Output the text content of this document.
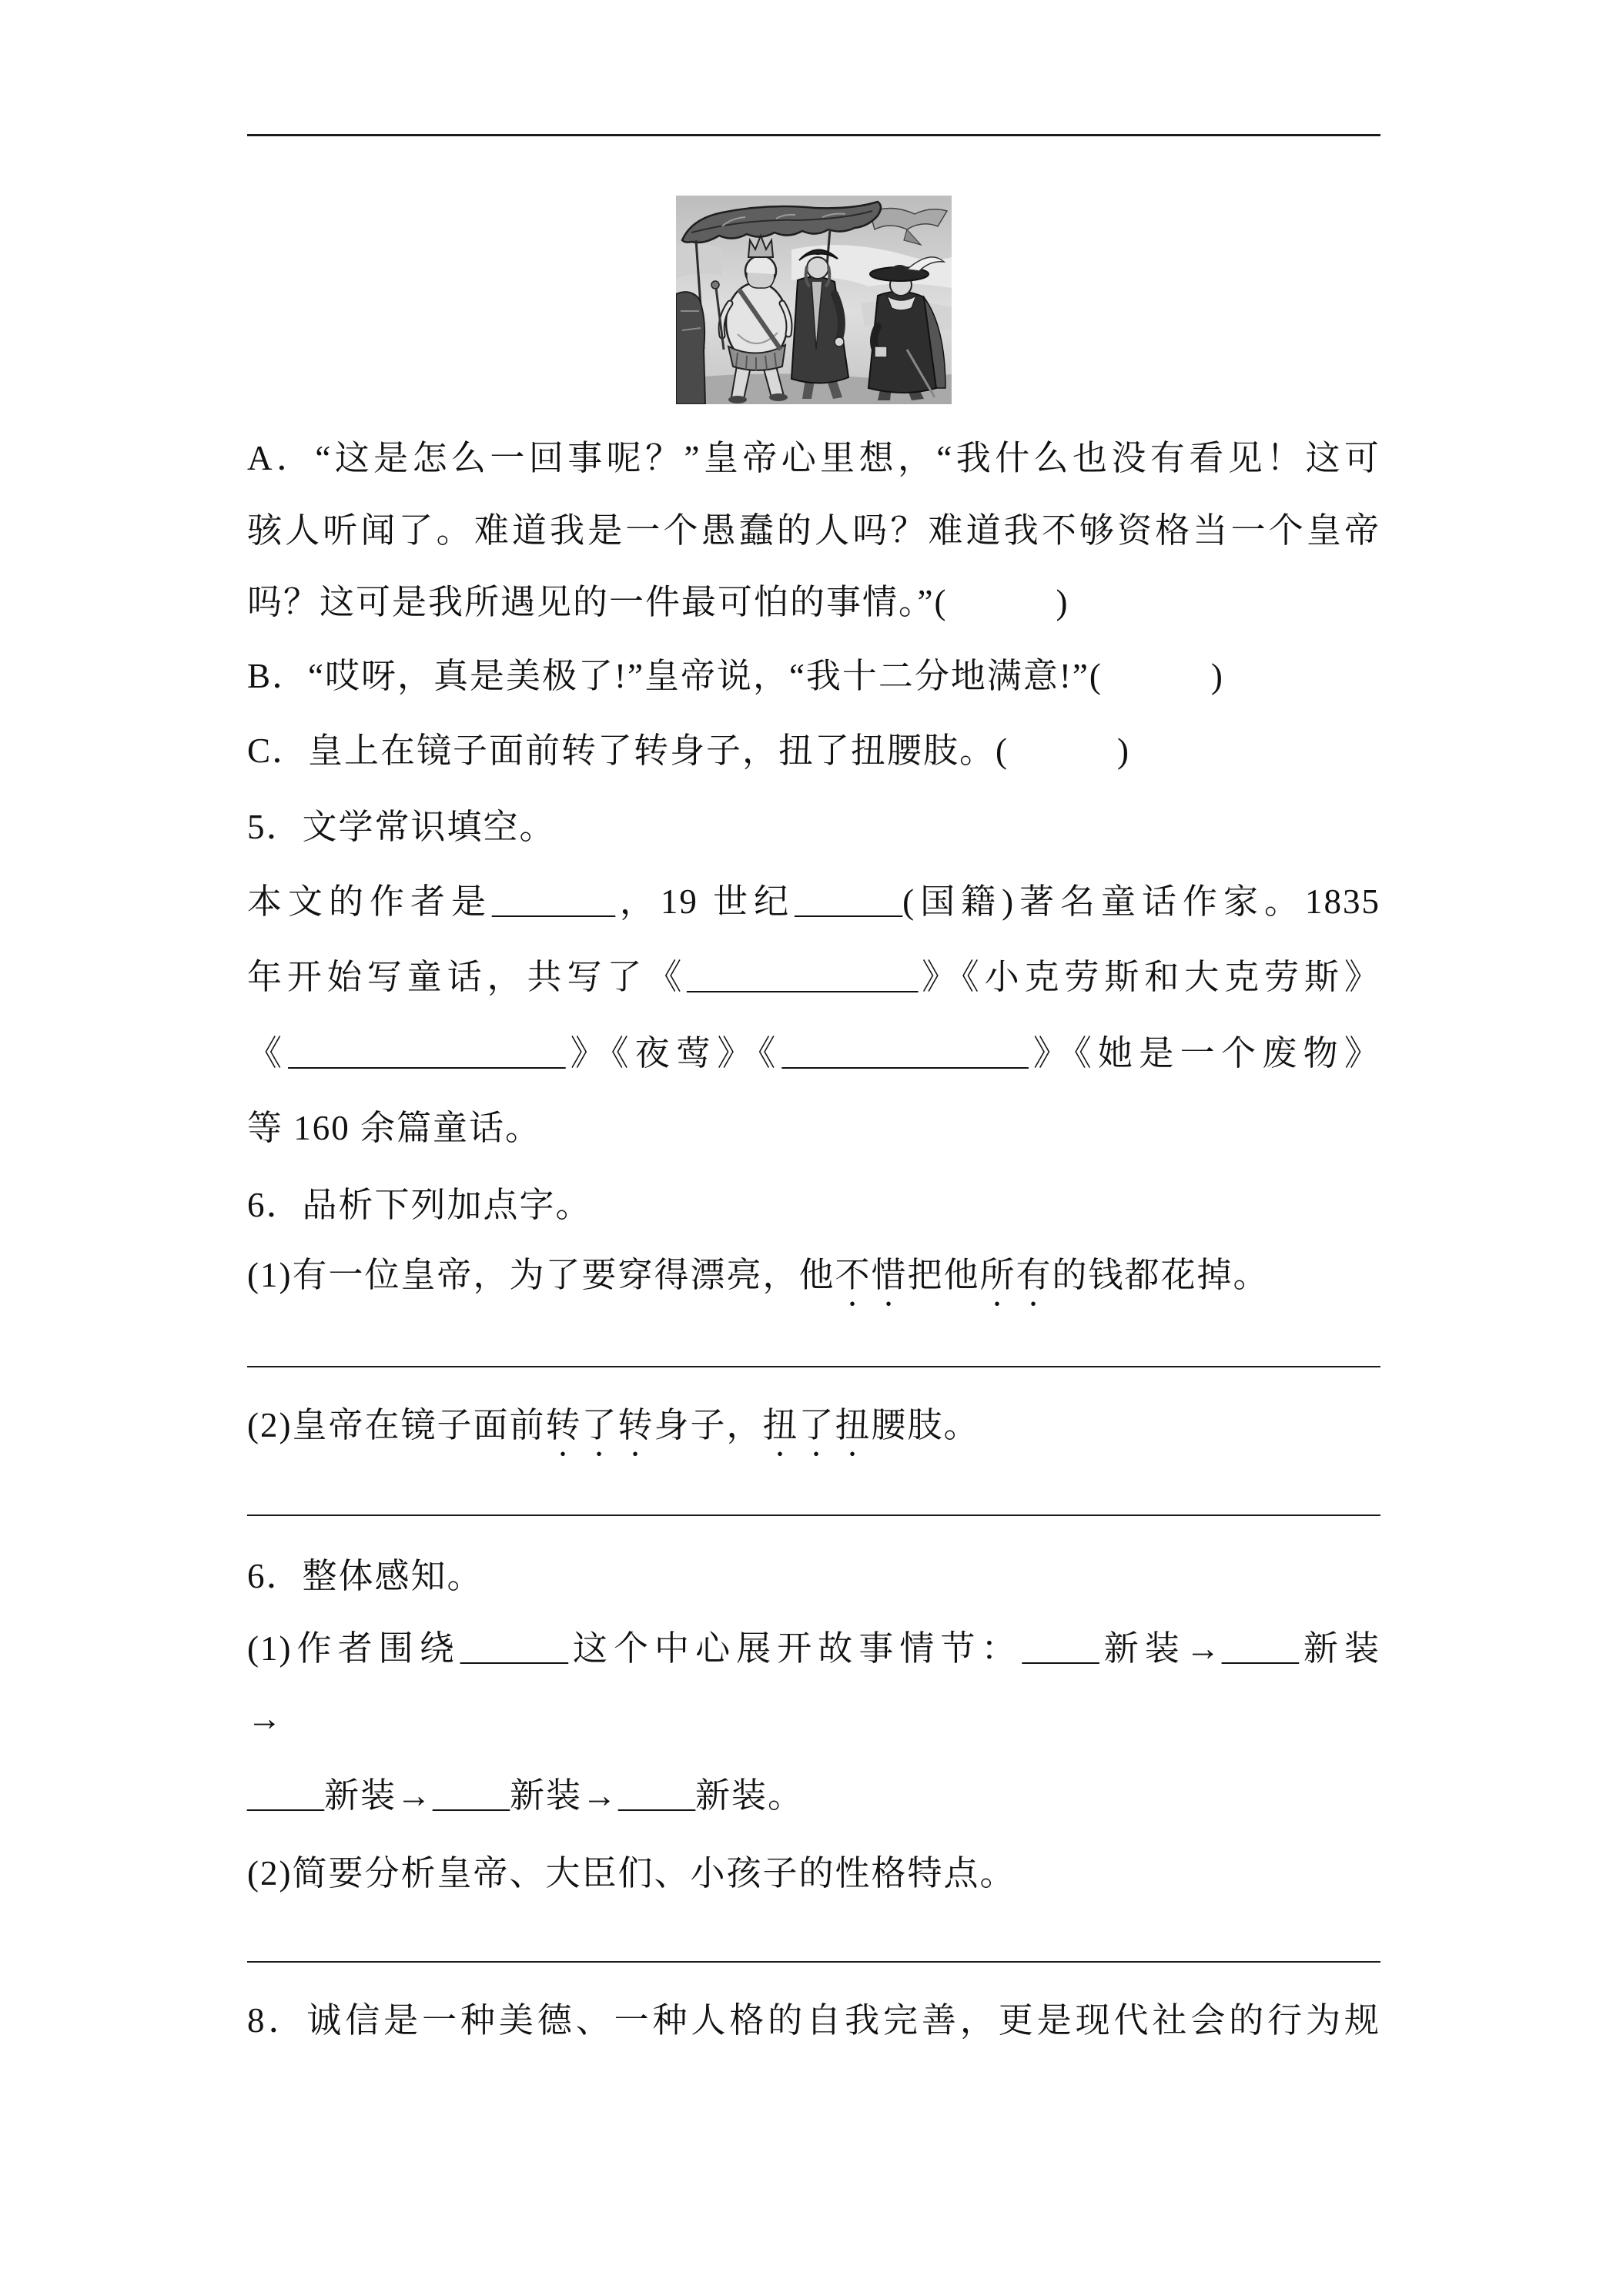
A．“这是怎么一回事呢？”皇帝心里想，“我什么也没有看见！这可
骇人听闻了。难道我是一个愚蠢的人吗？难道我不够资格当一个皇帝
吗？这可是我所遇见的一件最可怕的事情。”(　　　)
B．“哎呀，真是美极了!”皇帝说，“我十二分地满意!”(　　　)
C．皇上在镜子面前转了转身子，扭了扭腰肢。(　　　)
5．文学常识填空。
本文的作者是________，19 世纪_______(国籍)著名童话作家。1835
年开始写童话，共写了《_______________》《小克劳斯和大克劳斯》
《__________________》《夜莺》《________________》《她是一个废物》
等 160 余篇童话。
6．品析下列加点字。
(1)有一位皇帝，为了要穿得漂亮，他不惜把他所有的钱都花掉。
(2)皇帝在镜子面前转了转身子，扭了扭腰肢。
6．整体感知。
(1)作者围绕_______这个中心展开故事情节：_____新装→_____新装
→
_____新装→_____新装→_____新装。
(2)简要分析皇帝、大臣们、小孩子的性格特点。
8．诚信是一种美德、一种人格的自我完善，更是现代社会的行为规
